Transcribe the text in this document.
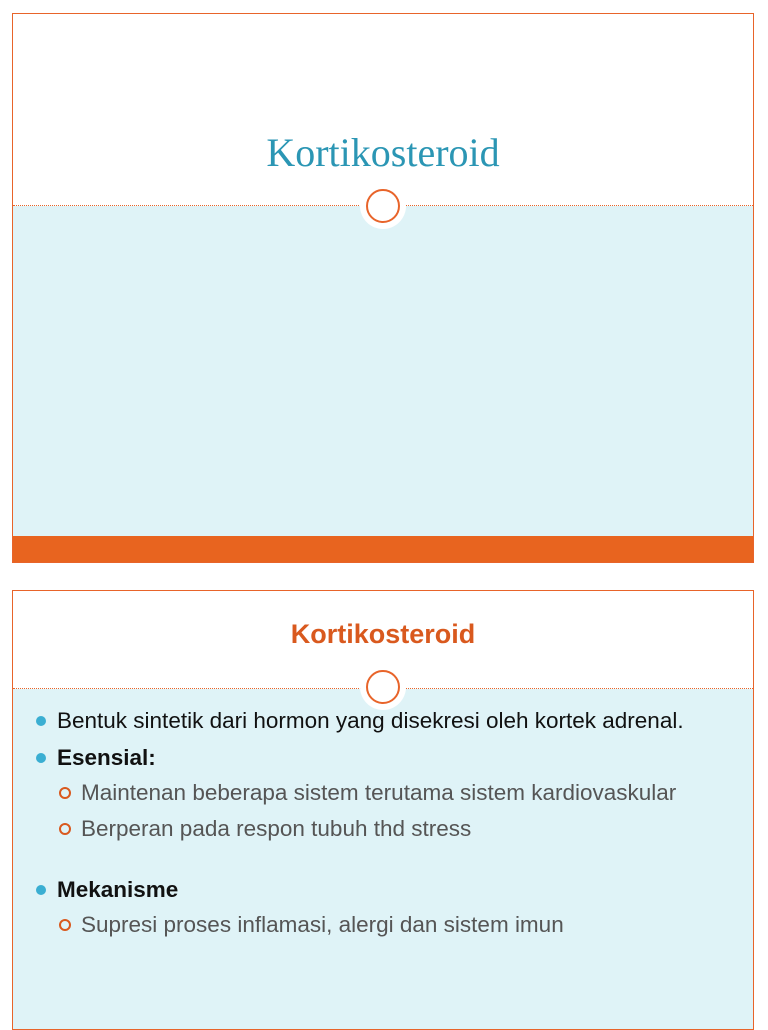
Kortikosteroid
Kortikosteroid
Bentuk sintetik dari hormon yang disekresi oleh kortek adrenal.
Esensial:
Maintenan beberapa sistem terutama sistem kardiovaskular
Berperan pada respon tubuh thd stress
Mekanisme
Supresi proses inflamasi, alergi dan sistem imun
